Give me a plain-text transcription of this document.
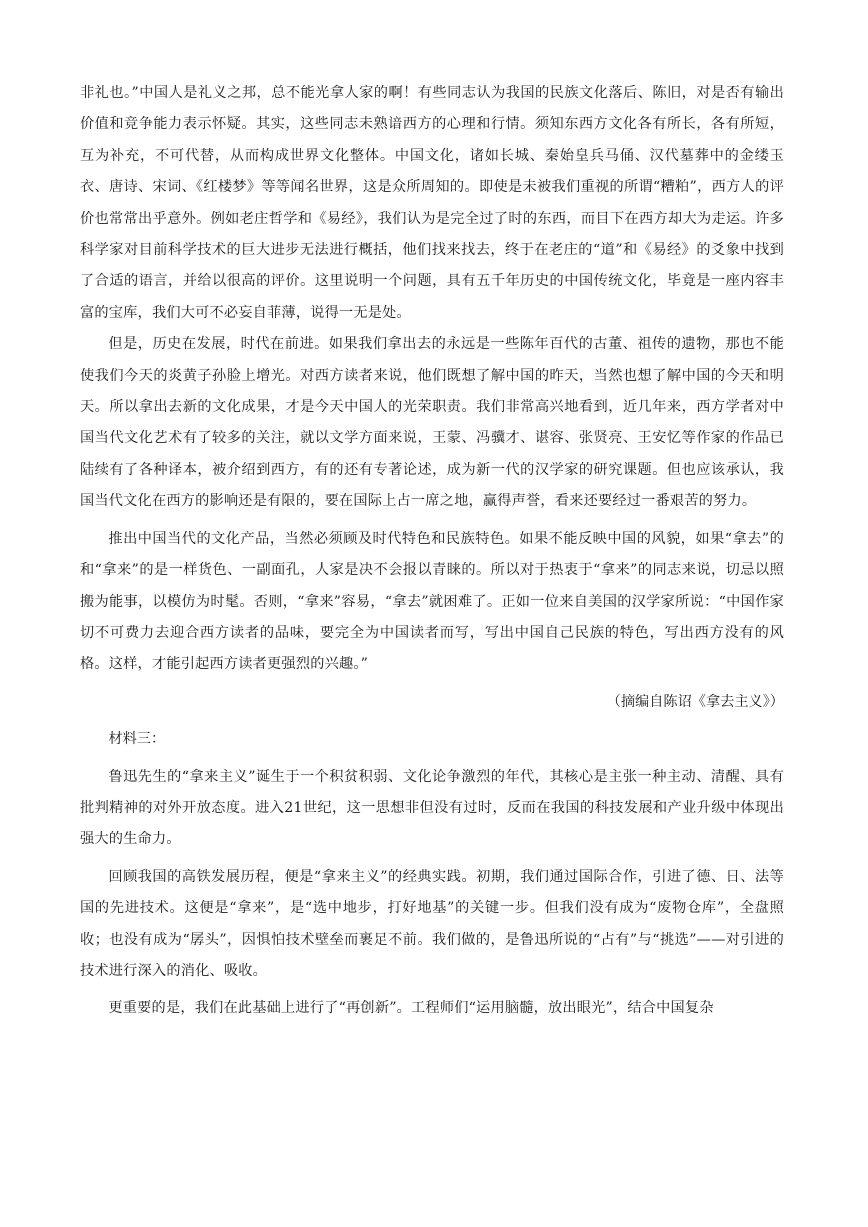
非礼也。”中国人是礼义之邦，总不能光拿人家的啊！有些同志认为我国的民族文化落后、陈旧，对是否有输出价值和竞争能力表示怀疑。其实，这些同志未熟谙西方的心理和行情。须知东西方文化各有所长，各有所短，互为补充，不可代替，从而构成世界文化整体。中国文化，诸如长城、秦始皇兵马俑、汉代墓葬中的金缕玉衣、唐诗、宋词、《红楼梦》等等闻名世界，这是众所周知的。即使是未被我们重视的所谓“糟粕”，西方人的评价也常常出乎意外。例如老庄哲学和《易经》，我们认为是完全过了时的东西，而目下在西方却大为走运。许多科学家对目前科学技术的巨大进步无法进行概括，他们找来找去，终于在老庄的“道”和《易经》的爻象中找到了合适的语言，并给以很高的评价。这里说明一个问题，具有五千年历史的中国传统文化，毕竟是一座内容丰富的宝库，我们大可不必妄自菲薄，说得一无是处。

但是，历史在发展，时代在前进。如果我们拿出去的永远是一些陈年百代的古董、祖传的遗物，那也不能使我们今天的炎黄子孙脸上增光。对西方读者来说，他们既想了解中国的昨天，当然也想了解中国的今天和明天。所以拿出去新的文化成果，才是今天中国人的光荣职责。我们非常高兴地看到，近几年来，西方学者对中国当代文化艺术有了较多的关注，就以文学方面来说，王蒙、冯骥才、谌容、张贤亮、王安忆等作家的作品已陆续有了各种译本，被介绍到西方，有的还有专著论述，成为新一代的汉学家的研究课题。但也应该承认，我国当代文化在西方的影响还是有限的，要在国际上占一席之地，赢得声誉，看来还要经过一番艰苦的努力。

推出中国当代的文化产品，当然必须顾及时代特色和民族特色。如果不能反映中国的风貌，如果“拿去”的和“拿来”的是一样货色、一副面孔，人家是决不会报以青睐的。所以对于热衷于“拿来”的同志来说，切忌以照搬为能事，以模仿为时髦。否则，“拿来”容易，“拿去”就困难了。正如一位来自美国的汉学家所说：“中国作家切不可费力去迎合西方读者的品味，要完全为中国读者而写，写出中国自己民族的特色，写出西方没有的风格。这样，才能引起西方读者更强烈的兴趣。”

（摘编自陈诏《拿去主义》）

材料三：

鲁迅先生的“拿来主义”诞生于一个积贫积弱、文化论争激烈的年代，其核心是主张一种主动、清醒、具有批判精神的对外开放态度。进入21世纪，这一思想非但没有过时，反而在我国的科技发展和产业升级中体现出强大的生命力。

回顾我国的高铁发展历程，便是“拿来主义”的经典实践。初期，我们通过国际合作，引进了德、日、法等国的先进技术。这便是“拿来”，是“选中地步，打好地基”的关键一步。但我们没有成为“废物仓库”，全盘照收；也没有成为“孱头”，因惧怕技术壁垒而裹足不前。我们做的，是鲁迅所说的“占有”与“挑选”——对引进的技术进行深入的消化、吸收。

更重要的是，我们在此基础上进行了“再创新”。工程师们“运用脑髓，放出眼光”，结合中国复杂
